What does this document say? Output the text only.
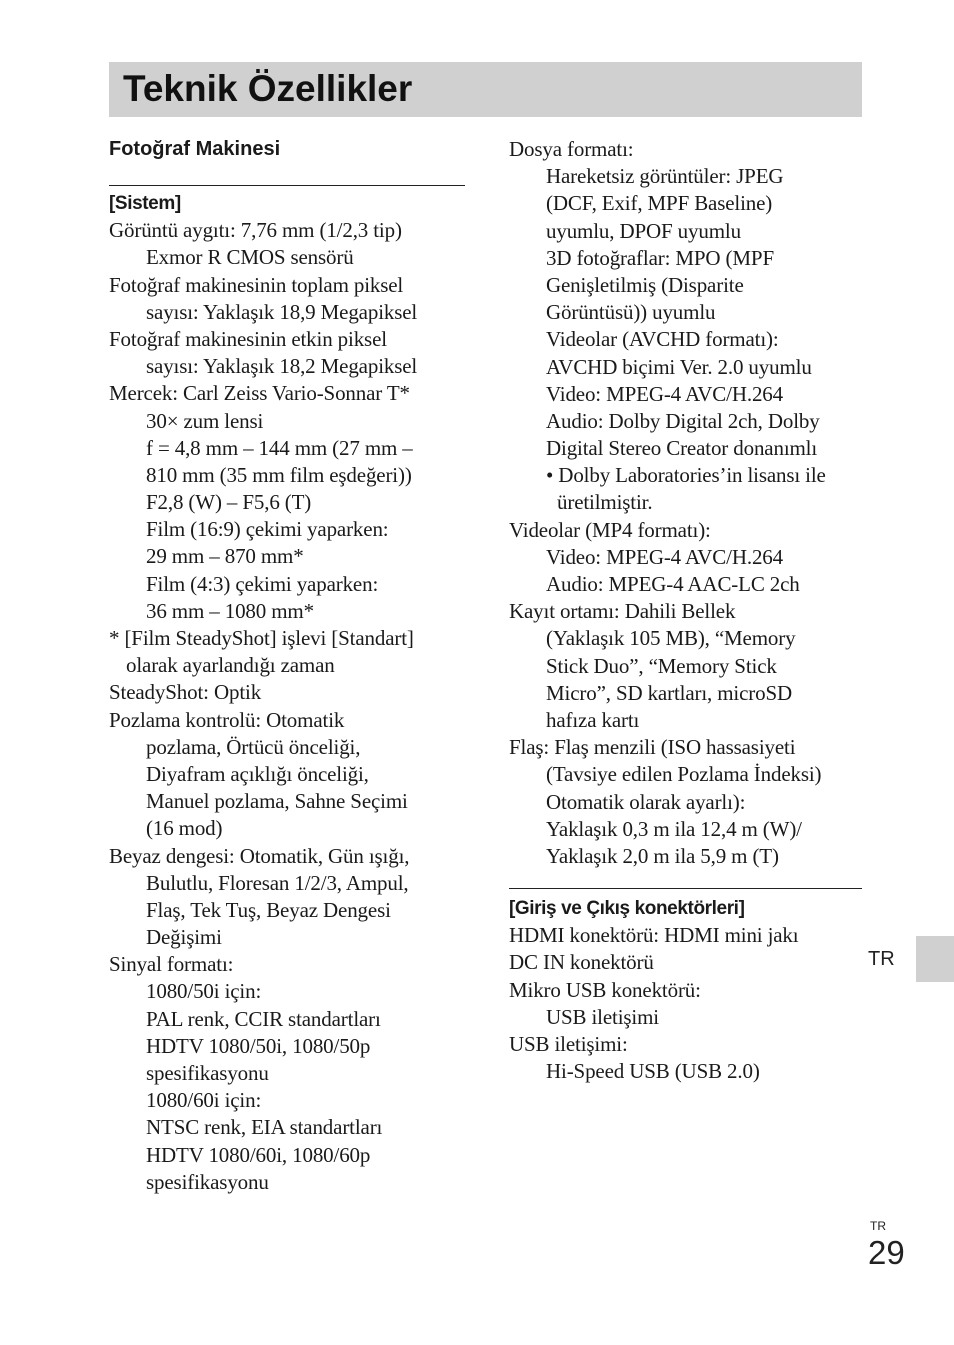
Teknik Özellikler
Fotoğraf Makinesi
[Sistem]
Görüntü aygıtı: 7,76 mm (1/2,3 tip)
Exmor R CMOS sensörü
Fotoğraf makinesinin toplam piksel
sayısı: Yaklaşık 18,9 Megapiksel
Fotoğraf makinesinin etkin piksel
sayısı: Yaklaşık 18,2 Megapiksel
Mercek: Carl Zeiss Vario-Sonnar T*
30× zum lensi
f = 4,8 mm – 144 mm (27 mm –
810 mm (35 mm film eşdeğeri))
F2,8 (W) – F5,6 (T)
Film (16:9) çekimi yaparken:
29 mm – 870 mm*
Film (4:3) çekimi yaparken:
36 mm – 1080 mm*
* [Film SteadyShot] işlevi [Standart]
olarak ayarlandığı zaman
SteadyShot: Optik
Pozlama kontrolü: Otomatik
pozlama, Örtücü önceliği,
Diyafram açıklığı önceliği,
Manuel pozlama, Sahne Seçimi
(16 mod)
Beyaz dengesi: Otomatik, Gün ışığı,
Bulutlu, Floresan 1/2/3, Ampul,
Flaş, Tek Tuş, Beyaz Dengesi
Değişimi
Sinyal formatı:
1080/50i için:
PAL renk, CCIR standartları
HDTV 1080/50i, 1080/50p
spesifikasyonu
1080/60i için:
NTSC renk, EIA standartları
HDTV 1080/60i, 1080/60p
spesifikasyonu
Dosya formatı:
Hareketsiz görüntüler: JPEG
(DCF, Exif, MPF Baseline)
uyumlu, DPOF uyumlu
3D fotoğraflar: MPO (MPF
Genişletilmiş (Disparite
Görüntüsü)) uyumlu
Videolar (AVCHD formatı):
AVCHD biçimi Ver. 2.0 uyumlu
Video: MPEG-4 AVC/H.264
Audio: Dolby Digital 2ch, Dolby
Digital Stereo Creator donanımlı
• Dolby Laboratories’in lisansı ile
üretilmiştir.
Videolar (MP4 formatı):
Video: MPEG-4 AVC/H.264
Audio: MPEG-4 AAC-LC 2ch
Kayıt ortamı: Dahili Bellek
(Yaklaşık 105 MB), “Memory
Stick Duo”, “Memory Stick
Micro”, SD kartları, microSD
hafıza kartı
Flaş: Flaş menzili (ISO hassasiyeti
(Tavsiye edilen Pozlama İndeksi)
Otomatik olarak ayarlı):
Yaklaşık 0,3 m ila 12,4 m (W)/
Yaklaşık 2,0 m ila 5,9 m (T)
[Giriş ve Çıkış konektörleri]
HDMI konektörü: HDMI mini jakı
DC IN konektörü
Mikro USB konektörü:
USB iletişimi
USB iletişimi:
Hi-Speed USB (USB 2.0)
TR
TR
29
